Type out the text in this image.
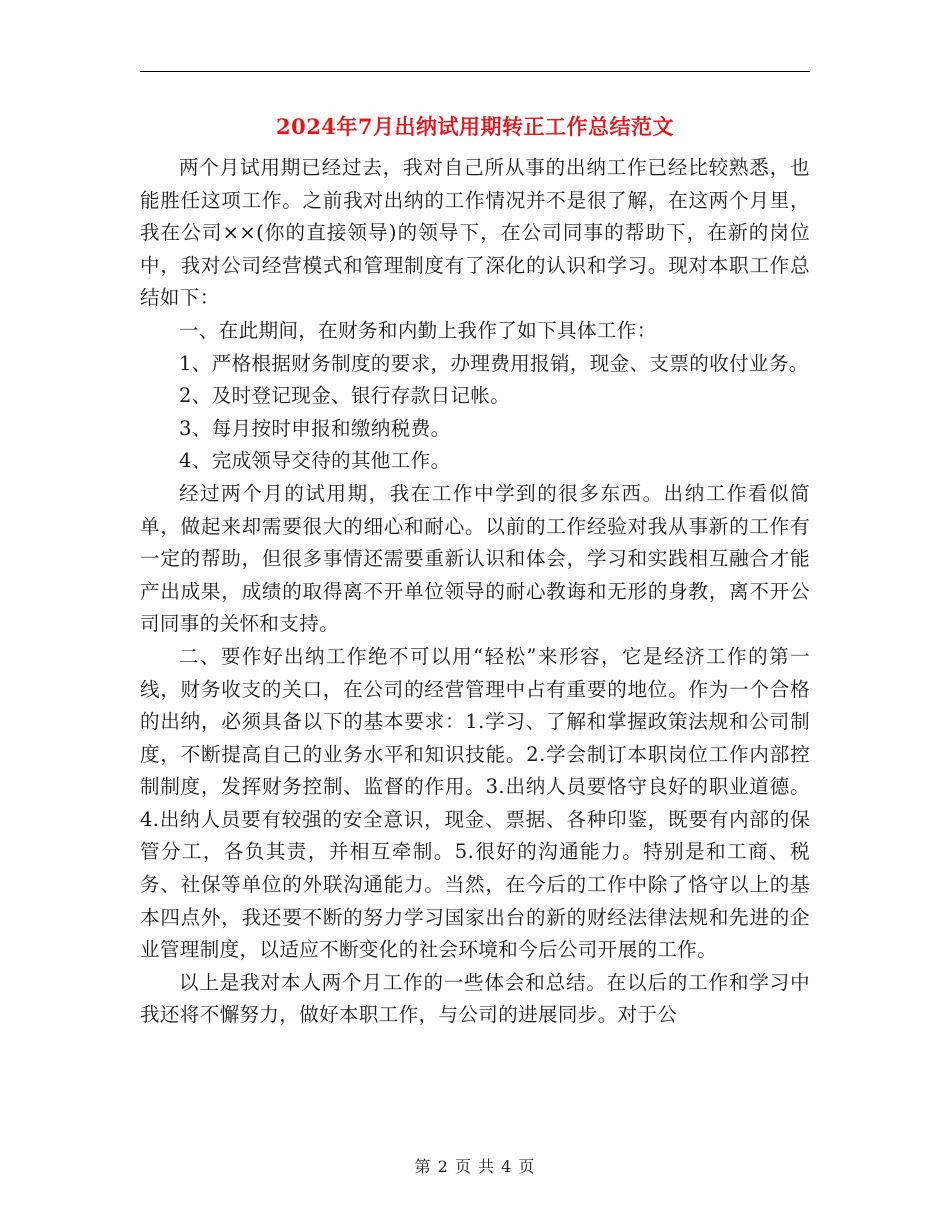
2024年7月出纳试用期转正工作总结范文

两个月试用期已经过去，我对自己所从事的出纳工作已经比较熟悉，也能胜任这项工作。之前我对出纳的工作情况并不是很了解，在这两个月里，我在公司××(你的直接领导)的领导下，在公司同事的帮助下，在新的岗位中，我对公司经营模式和管理制度有了深化的认识和学习。现对本职工作总结如下：

一、在此期间，在财务和内勤上我作了如下具体工作：

1、严格根据财务制度的要求，办理费用报销，现金、支票的收付业务。

2、及时登记现金、银行存款日记帐。

3、每月按时申报和缴纳税费。

4、完成领导交待的其他工作。

经过两个月的试用期，我在工作中学到的很多东西。出纳工作看似简单，做起来却需要很大的细心和耐心。以前的工作经验对我从事新的工作有一定的帮助，但很多事情还需要重新认识和体会，学习和实践相互融合才能产出成果，成绩的取得离不开单位领导的耐心教诲和无形的身教，离不开公司同事的关怀和支持。

二、要作好出纳工作绝不可以用“轻松”来形容，它是经济工作的第一线，财务收支的关口，在公司的经营管理中占有重要的地位。作为一个合格的出纳，必须具备以下的基本要求：1.学习、了解和掌握政策法规和公司制度，不断提高自己的业务水平和知识技能。2.学会制订本职岗位工作内部控制制度，发挥财务控制、监督的作用。3.出纳人员要恪守良好的职业道德。4.出纳人员要有较强的安全意识，现金、票据、各种印鉴，既要有内部的保管分工，各负其责，并相互牵制。5.很好的沟通能力。特别是和工商、税务、社保等单位的外联沟通能力。当然，在今后的工作中除了恪守以上的基本四点外，我还要不断的努力学习国家出台的新的财经法律法规和先进的企业管理制度，以适应不断变化的社会环境和今后公司开展的工作。

以上是我对本人两个月工作的一些体会和总结。在以后的工作和学习中我还将不懈努力，做好本职工作，与公司的进展同步。对于公

第 2 页 共 4 页
